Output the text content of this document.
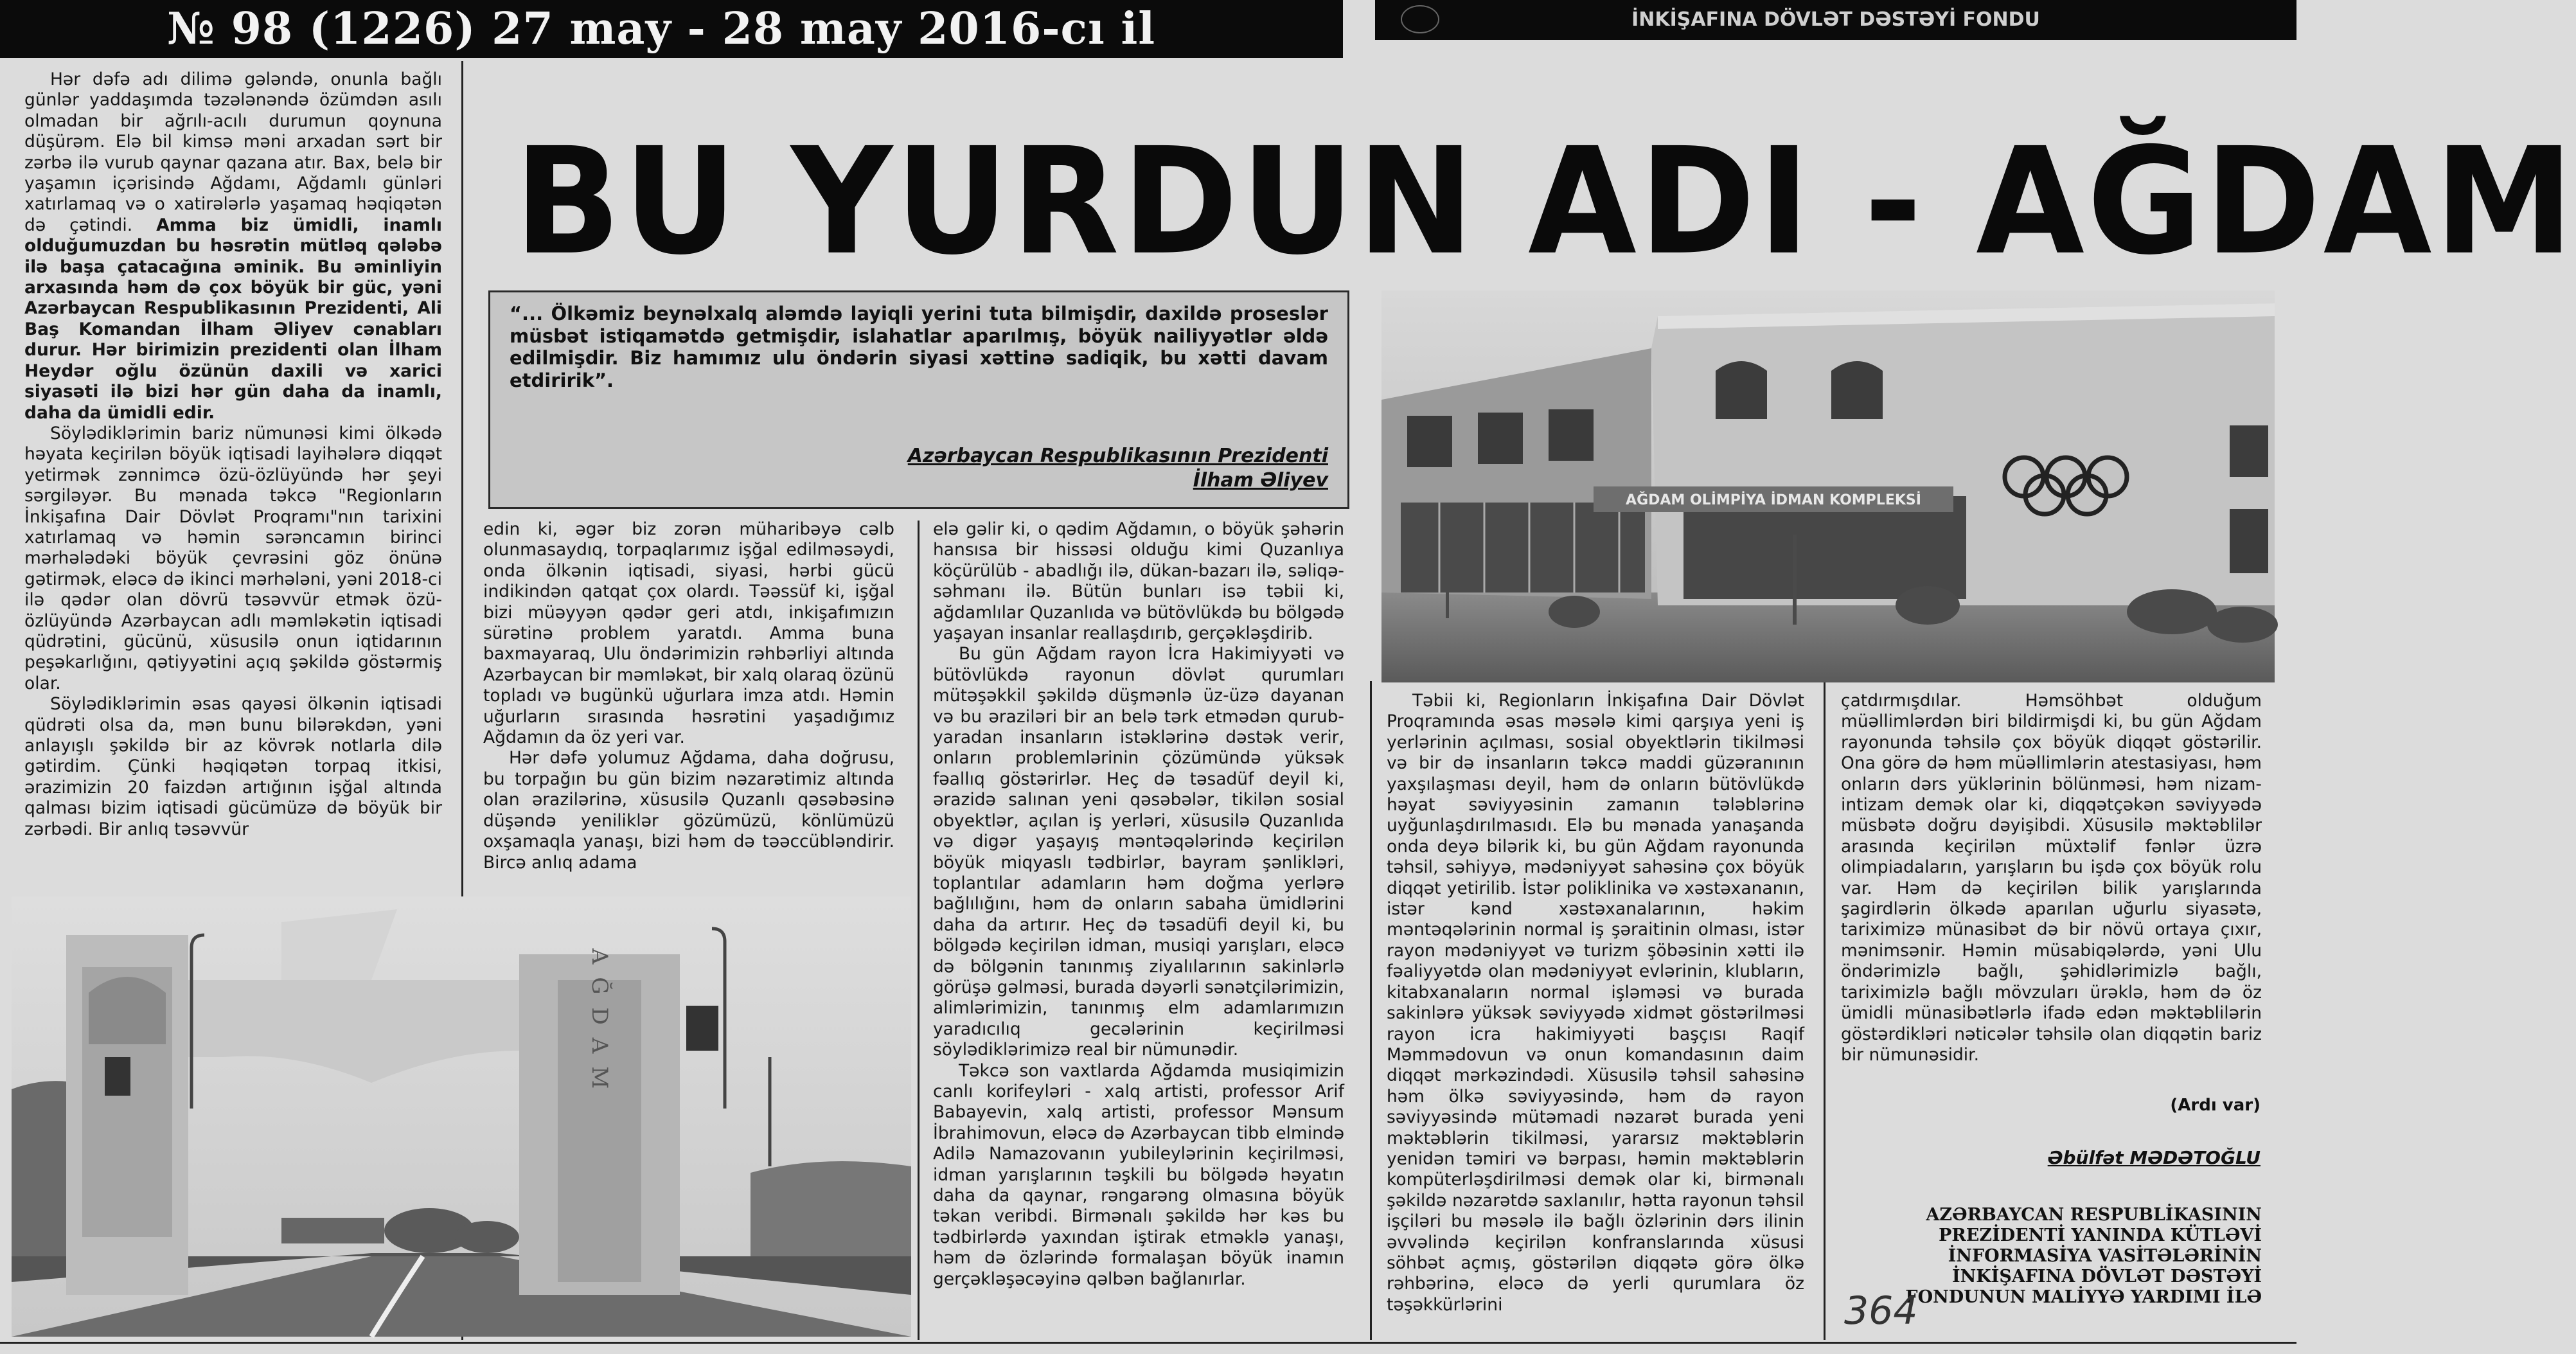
№ 98 (1226) 27 may - 28 may 2016-cı il	İNKİŞAFINA DÖVLƏT DƏSTƏYİ FONDU
BU YURDUN ADI - AĞDAM

Hər dəfə adı dilimə gələndə, onunla bağlı günlər yaddaşımda təzələnəndə özümdən asılı olmadan bir ağrılı-acılı durumun qoynuna düşürəm. Elə bil kimsə məni arxadan sərt bir zərbə ilə vurub qaynar qazana atır. Bax, belə bir yaşamın içərisində Ağdamı, Ağdamlı günləri xatırlamaq və o xatirələrlə yaşamaq həqiqətən də çətindi. Amma biz ümidli, inamlı olduğumuzdan bu həsrətin mütləq qələbə ilə başa çatacağına əminik. Bu əminliyin arxasında həm də çox böyük bir güc, yəni Azərbaycan Respublikasının Prezidenti, Ali Baş Komandan İlham Əliyev cənabları durur. Hər birimizin prezidenti olan İlham Heydər oğlu özünün daxili və xarici siyasəti ilə bizi hər gün daha da inamlı, daha da ümidli edir.

Söylədiklərimin bariz nümunəsi kimi ölkədə həyata keçirilən böyük iqtisadi layihələrə diqqət yetirmək zənnimcə özü-özlüyündə hər şeyi sərgiləyər. Bu mənada təkcə "Regionların İnkişafına Dair Dövlət Proqramı"nın tarixini xatırlamaq və həmin sərəncamın birinci mərhələdəki böyük çevrəsini göz önünə gətirmək, eləcə də ikinci mərhələni, yəni 2018-ci ilə qədər olan dövrü təsəvvür etmək özü-özlüyündə Azərbaycan adlı məmləkətin iqtisadi qüdrətini, gücünü, xüsusilə onun iqtidarının peşəkarlığını, qətiyyətini açıq şəkildə göstərmiş olar.

Söylədiklərimin əsas qayəsi ölkənin iqtisadi qüdrəti olsa da, mən bunu bilərəkdən, yəni anlayışlı şəkildə bir az kövrək notlarla dilə gətirdim. Çünki həqiqətən torpaq itkisi, ərazimizin 20 faizdən artığının işğal altında qalması bizim iqtisadi gücümüzə də böyük bir zərbədi. Bir anlıq təsəvvür

“... Ölkəmiz beynəlxalq aləmdə layiqli yerini tuta bilmişdir, daxildə proseslər müsbət istiqamətdə getmişdir, islahatlar aparılmış, böyük nailiyyətlər əldə edilmişdir. Biz hamımız ulu öndərin siyasi xəttinə sadiqik, bu xətti davam etdiririk”.
Azərbaycan Respublikasının Prezidenti
İlham Əliyev
AĞDAM OLİMPİYA İDMAN KOMPLEKSİ

edin ki, əgər biz zorən müharibəyə cəlb olunmasaydıq, torpaqlarımız işğal edilməsəydi, onda ölkənin iqtisadi, siyasi, hərbi gücü indikindən qatqat çox olardı. Təəssüf ki, işğal bizi müəyyən qədər geri atdı, inkişafımızın sürətinə problem yaratdı. Amma buna baxmayaraq, Ulu öndərimizin rəhbərliyi altında Azərbaycan bir məmləkət, bir xalq olaraq özünü topladı və bugünkü uğurlara imza atdı. Həmin uğurların sırasında həsrətini yaşadığımız Ağdamın da öz yeri var.

Hər dəfə yolumuz Ağdama, daha doğrusu, bu torpağın bu gün bizim nəzarətimiz altında olan ərazilərinə, xüsusilə Quzanlı qəsəbəsinə düşəndə yeniliklər gözümüzü, könlümüzü oxşamaqla yanaşı, bizi həm də təəccübləndirir. Bircə anlıq adama

AĞDAM

elə gəlir ki, o qədim Ağdamın, o böyük şəhərin hansısa bir hissəsi olduğu kimi Quzanlıya köçürülüb - abadlığı ilə, dükan-bazarı ilə, səliqə-səhmanı ilə. Bütün bunları isə təbii ki, ağdamlılar Quzanlıda və bütövlükdə bu bölgədə yaşayan insanlar reallaşdırıb, gerçəkləşdirib.

Bu gün Ağdam rayon İcra Hakimiyyəti və bütövlükdə rayonun dövlət qurumları mütəşəkkil şəkildə düşmənlə üz-üzə dayanan və bu əraziləri bir an belə tərk etmədən qurub-yaradan insanların istəklərinə dəstək verir, onların problemlərinin çözümündə yüksək fəallıq göstərirlər. Heç də təsadüf deyil ki, ərazidə salınan yeni qəsəbələr, tikilən sosial obyektlər, açılan iş yerləri, xüsusilə Quzanlıda və digər yaşayış məntəqələrində keçirilən böyük miqyaslı tədbirlər, bayram şənlikləri, toplantılar adamların həm doğma yerlərə bağlılığını, həm də onların sabaha ümidlərini daha da artırır. Heç də təsadüfi deyil ki, bu bölgədə keçirilən idman, musiqi yarışları, eləcə də bölgənin tanınmış ziyalılarının sakinlərlə görüşə gəlməsi, burada dəyərli sənətçilərimizin, alimlərimizin, tanınmış elm adamlarımızın yaradıcılıq gecələrinin keçirilməsi söylədiklərimizə real bir nümunədir.

Təkcə son vaxtlarda Ağdamda musiqimizin canlı korifeyləri - xalq artisti, professor Arif Babayevin, xalq artisti, professor Mənsum İbrahimovun, eləcə də Azərbaycan tibb elmində Adilə Namazovanın yubileylərinin keçirilməsi, idman yarışlarının təşkili bu bölgədə həyatın daha da qaynar, rəngarəng olmasına böyük təkan veribdi. Birmənalı şəkildə hər kəs bu tədbirlərdə yaxından iştirak etməklə yanaşı, həm də özlərində formalaşan böyük inamın gerçəkləşəcəyinə qəlbən bağlanırlar.

Təbii ki, Regionların İnkişafına Dair Dövlət Proqramında əsas məsələ kimi qarşıya yeni iş yerlərinin açılması, sosial obyektlərin tikilməsi və bir də insanların təkcə maddi güzəranının yaxşılaşması deyil, həm də onların bütövlükdə həyat səviyyəsinin zamanın tələblərinə uyğunlaşdırılmasıdı. Elə bu mənada yanaşanda onda deyə bilərik ki, bu gün Ağdam rayonunda təhsil, səhiyyə, mədəniyyət sahəsinə çox böyük diqqət yetirilib. İstər poliklinika və xəstəxananın, istər kənd xəstəxanalarının, həkim məntəqələrinin normal iş şəraitinin olması, istər rayon mədəniyyət və turizm şöbəsinin xətti ilə fəaliyyətdə olan mədəniyyət evlərinin, klubların, kitabxanaların normal işləməsi və burada sakinlərə yüksək səviyyədə xidmət göstərilməsi rayon icra hakimiyyəti başçısı Raqif Məmmədovun və onun komandasının daim diqqət mərkəzindədi. Xüsusilə təhsil sahəsinə həm ölkə səviyyəsində, həm də rayon səviyyəsində mütəmadi nəzarət burada yeni məktəblərin tikilməsi, yararsız məktəblərin yenidən təmiri və bərpası, həmin məktəblərin kompüterləşdirilməsi demək olar ki, birmənalı şəkildə nəzarətdə saxlanılır, hətta rayonun təhsil işçiləri bu məsələ ilə bağlı özlərinin dərs ilinin əvvəlində keçirilən konfranslarında xüsusi söhbət açmış, göstərilən diqqətə görə ölkə rəhbərinə, eləcə də yerli qurumlara öz təşəkkürlərini

çatdırmışdılar. Həmsöhbət olduğum müəllimlərdən biri bildirmişdi ki, bu gün Ağdam rayonunda təhsilə çox böyük diqqət göstərilir. Ona görə də həm müəllimlərin atestasiyası, həm onların dərs yüklərinin bölünməsi, həm nizam-intizam demək olar ki, diqqətçəkən səviyyədə müsbətə doğru dəyişibdi. Xüsusilə məktəblilər arasında keçirilən müxtəlif fənlər üzrə olimpiadaların, yarışların bu işdə çox böyük rolu var. Həm də keçirilən bilik yarışlarında şagirdlərin ölkədə aparılan uğurlu siyasətə, tariximizə münasibət də bir növü ortaya çıxır, mənimsənir. Həmin müsabiqələrdə, yəni Ulu öndərimizlə bağlı, şəhidlərimizlə bağlı, tariximizlə bağlı mövzuları ürəklə, həm də öz ümidli münasibətlərlə ifadə edən məktəblilərin göstərdikləri nəticələr təhsilə olan diqqətin bariz bir nümunəsidir.

(Ardı var)
Əbülfət MƏDƏTOĞLU
AZƏRBAYCAN RESPUBLİKASININ PREZİDENTİ YANINDA KÜTLƏVİ İNFORMASİYA VASİTƏLƏRİNİN İNKİŞAFINA DÖVLƏT DƏSTƏYİ FONDUNUN MALİYYƏ YARDIMI İLƏ
364
